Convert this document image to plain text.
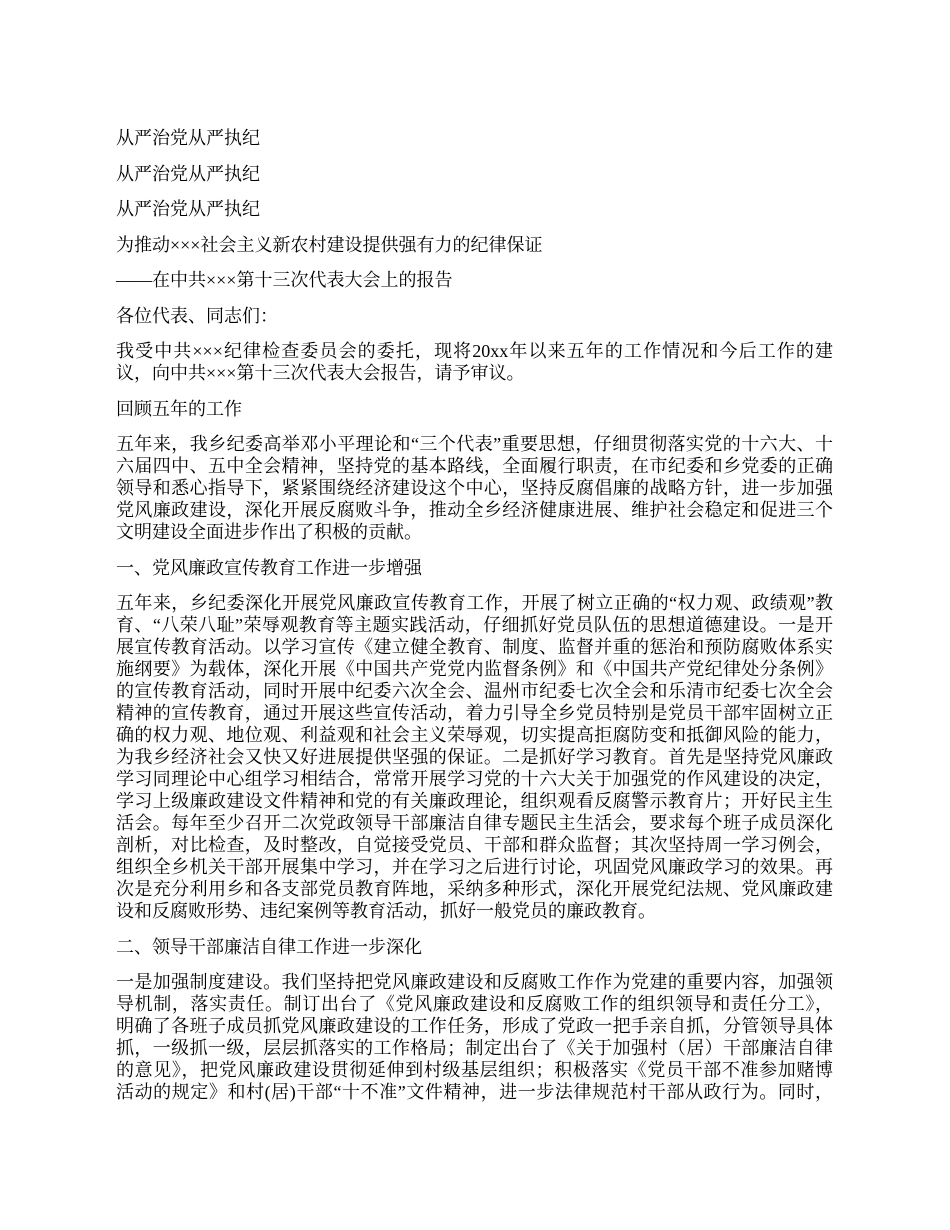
从严治党从严执纪
从严治党从严执纪
从严治党从严执纪
为推动×××社会主义新农村建设提供强有力的纪律保证
——在中共×××第十三次代表大会上的报告
各位代表、同志们：
我受中共×××纪律检查委员会的委托，现将20xx年以来五年的工作情况和今后工作的建
议，向中共×××第十三次代表大会报告，请予审议。
回顾五年的工作
五年来，我乡纪委高举邓小平理论和“三个代表”重要思想，仔细贯彻落实党的十六大、十
六届四中、五中全会精神，坚持党的基本路线，全面履行职责，在市纪委和乡党委的正确
领导和悉心指导下，紧紧围绕经济建设这个中心，坚持反腐倡廉的战略方针，进一步加强
党风廉政建设，深化开展反腐败斗争，推动全乡经济健康进展、维护社会稳定和促进三个
文明建设全面进步作出了积极的贡献。
一、党风廉政宣传教育工作进一步增强
五年来，乡纪委深化开展党风廉政宣传教育工作，开展了树立正确的“权力观、政绩观”教
育、“八荣八耻”荣辱观教育等主题实践活动，仔细抓好党员队伍的思想道德建设。一是开
展宣传教育活动。以学习宣传《建立健全教育、制度、监督并重的惩治和预防腐败体系实
施纲要》为载体，深化开展《中国共产党党内监督条例》和《中国共产党纪律处分条例》
的宣传教育活动，同时开展中纪委六次全会、温州市纪委七次全会和乐清市纪委七次全会
精神的宣传教育，通过开展这些宣传活动，着力引导全乡党员特别是党员干部牢固树立正
确的权力观、地位观、利益观和社会主义荣辱观，切实提高拒腐防变和抵御风险的能力，
为我乡经济社会又快又好进展提供坚强的保证。二是抓好学习教育。首先是坚持党风廉政
学习同理论中心组学习相结合，常常开展学习党的十六大关于加强党的作风建设的决定，
学习上级廉政建设文件精神和党的有关廉政理论，组织观看反腐警示教育片；开好民主生
活会。每年至少召开二次党政领导干部廉洁自律专题民主生活会，要求每个班子成员深化
剖析，对比检查，及时整改，自觉接受党员、干部和群众监督；其次坚持周一学习例会，
组织全乡机关干部开展集中学习，并在学习之后进行讨论，巩固党风廉政学习的效果。再
次是充分利用乡和各支部党员教育阵地，采纳多种形式，深化开展党纪法规、党风廉政建
设和反腐败形势、违纪案例等教育活动，抓好一般党员的廉政教育。
二、领导干部廉洁自律工作进一步深化
一是加强制度建设。我们坚持把党风廉政建设和反腐败工作作为党建的重要内容，加强领
导机制，落实责任。制订出台了《党风廉政建设和反腐败工作的组织领导和责任分工》，
明确了各班子成员抓党风廉政建设的工作任务，形成了党政一把手亲自抓，分管领导具体
抓，一级抓一级，层层抓落实的工作格局；制定出台了《关于加强村（居）干部廉洁自律
的意见》，把党风廉政建设贯彻延伸到村级基层组织；积极落实《党员干部不准参加赌博
活动的规定》和村(居)干部“十不准”文件精神，进一步法律规范村干部从政行为。同时，
